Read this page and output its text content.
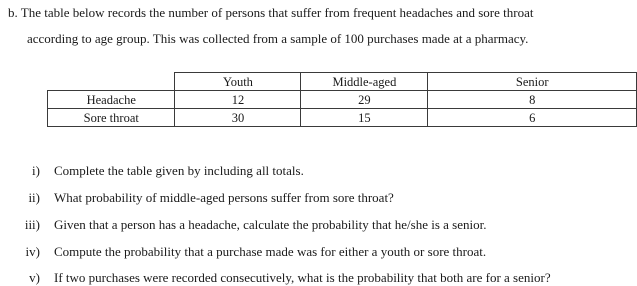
b. The table below records the number of persons that suffer from frequent headaches and sore throat
according to age group. This was collected from a sample of 100 purchases made at a pharmacy.
	Youth	Middle-aged	Senior
Headache	12	29	8
Sore throat	30	15	6
i) Complete the table given by including all totals.
ii) What probability of middle-aged persons suffer from sore throat?
iii) Given that a person has a headache, calculate the probability that he/she is a senior.
iv) Compute the probability that a purchase made was for either a youth or sore throat.
v) If two purchases were recorded consecutively, what is the probability that both are for a senior?
